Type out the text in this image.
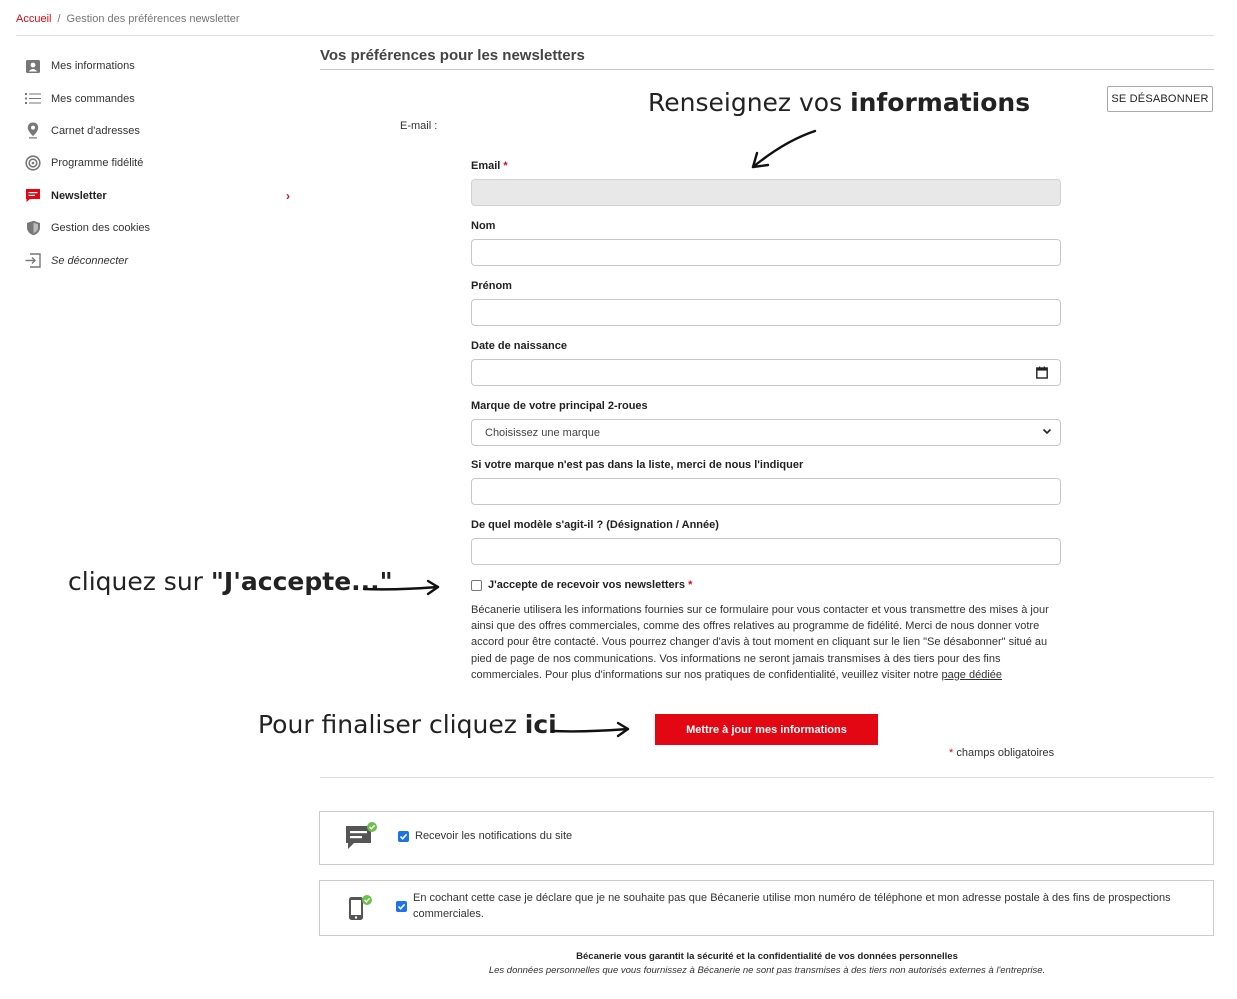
Accueil / Gestion des préférences newsletter
Mes informations
Mes commandes
Carnet d'adresses
Programme fidélité
Newsletter	›
Gestion des cookies
Se déconnecter
Vos préférences pour les newsletters
SE DÉSABONNER
E-mail :
Email *
Nom
Prénom
Date de naissance
Marque de votre principal 2-roues
Choisissez une marque
Si votre marque n'est pas dans la liste, merci de nous l'indiquer
De quel modèle s'agit-il ? (Désignation / Année)
J'accepte de recevoir vos newsletters *
Bécanerie utilisera les informations fournies sur ce formulaire pour vous contacter et vous transmettre des mises à jour ainsi que des offres commerciales, comme des offres relatives au programme de fidélité. Merci de nous donner votre accord pour être contacté. Vous pourrez changer d'avis à tout moment en cliquant sur le lien "Se désabonner" situé au pied de page de nos communications. Vos informations ne seront jamais transmises à des tiers pour des fins commerciales. Pour plus d'informations sur nos pratiques de confidentialité, veuillez visiter notre page dédiée
Mettre à jour mes informations
* champs obligatoires
Recevoir les notifications du site
En cochant cette case je déclare que je ne souhaite pas que Bécanerie utilise mon numéro de téléphone et mon adresse postale à des fins de prospections commerciales.
Bécanerie vous garantit la sécurité et la confidentialité de vos données personnelles
Les données personnelles que vous fournissez à Bécanerie ne sont pas transmises à des tiers non autorisés externes à l'entreprise.
Renseignez vos informations
cliquez sur "J'accepte..."
Pour finaliser cliquez ici
